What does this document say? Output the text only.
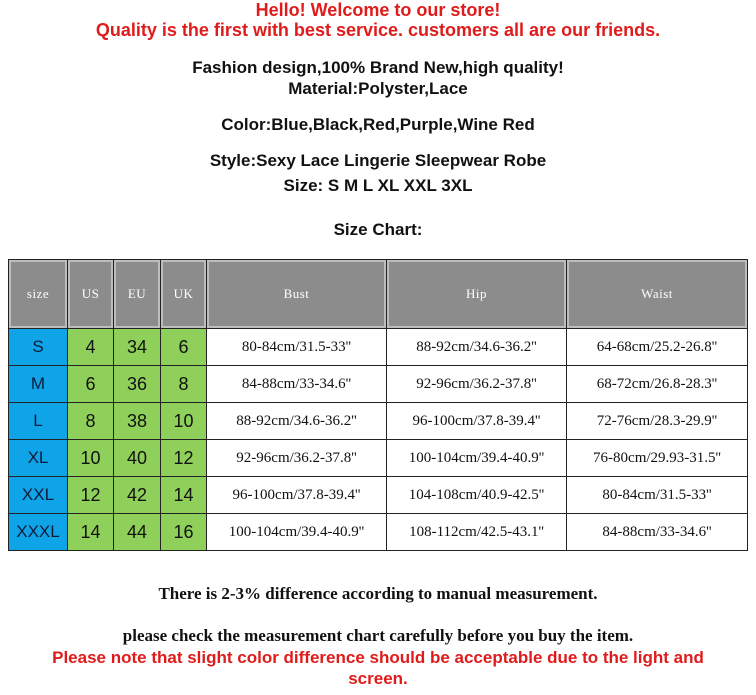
Hello! Welcome to our store!
Quality is the first with best service. customers all are our friends.
Fashion design,100% Brand New,high quality!
Material:Polyster,Lace
Color:Blue,Black,Red,Purple,Wine Red
Style:Sexy Lace Lingerie Sleepwear Robe
Size: S M L XL XXL 3XL
Size Chart:
size	US	EU	UK	Bust	Hip	Waist
S	4	34	6	80-84cm/31.5-33''	88-92cm/34.6-36.2''	64-68cm/25.2-26.8''
M	6	36	8	84-88cm/33-34.6''	92-96cm/36.2-37.8''	68-72cm/26.8-28.3''
L	8	38	10	88-92cm/34.6-36.2''	96-100cm/37.8-39.4''	72-76cm/28.3-29.9''
XL	10	40	12	92-96cm/36.2-37.8''	100-104cm/39.4-40.9''	76-80cm/29.93-31.5''
XXL	12	42	14	96-100cm/37.8-39.4''	104-108cm/40.9-42.5''	80-84cm/31.5-33''
XXXL	14	44	16	100-104cm/39.4-40.9''	108-112cm/42.5-43.1''	84-88cm/33-34.6''
There is 2-3% difference according to manual measurement.
please check the measurement chart carefully before you buy the item.
Please note that slight color difference should be acceptable due to the light and
screen.
